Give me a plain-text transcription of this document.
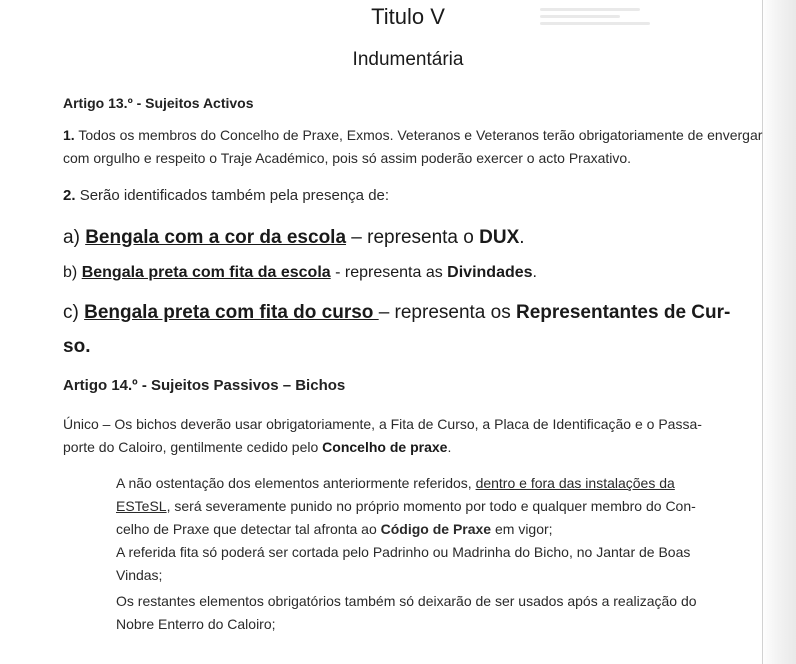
Titulo V
Indumentária
Artigo 13.º - Sujeitos Activos
1. Todos os membros do Concelho de Praxe, Exmos. Veteranos e Veteranos terão obrigatoriamente de envergar com orgulho e respeito o Traje Académico, pois só assim poderão exercer o acto Praxativo.
2. Serão identificados também pela presença de:
a) Bengala com a cor da escola – representa o DUX.
b) Bengala preta com fita da escola - representa as Divindades.
c) Bengala preta com fita do curso – representa os Representantes de Cur-
so.
Artigo 14.º - Sujeitos Passivos – Bichos
Único – Os bichos deverão usar obrigatoriamente, a Fita de Curso, a Placa de Identificação e o Passa-
porte do Caloiro, gentilmente cedido pelo Concelho de praxe.
A não ostentação dos elementos anteriormente referidos, dentro e fora das instalações da
ESTeSL, será severamente punido no próprio momento por todo e qualquer membro do Con-
celho de Praxe que detectar tal afronta ao Código de Praxe em vigor;
A referida fita só poderá ser cortada pelo Padrinho ou Madrinha do Bicho, no Jantar de Boas
Vindas;
Os restantes elementos obrigatórios também só deixarão de ser usados após a realização do
Nobre Enterro do Caloiro;
